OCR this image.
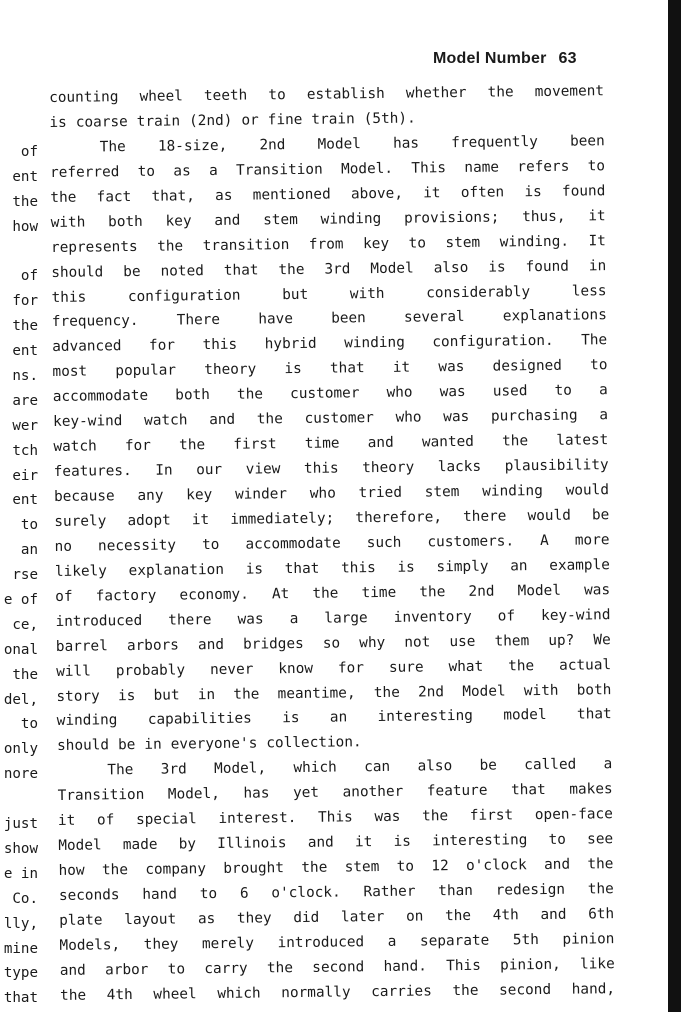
Model Number 63
of
ent
the
how

of
for
the
ent
ns.
are
wer
tch
eir
ent
to
an
rse
e of
ce,
onal
the
del,
to
only
nore

just
show
e in
Co.
lly,
mine
type
that
counting wheel teeth to establish whether the movement
is coarse train (2nd) or fine train (5th).
The 18-size, 2nd Model has frequently been
referred to as a Transition Model. This name refers to
the fact that, as mentioned above, it often is found
with both key and stem winding provisions; thus, it
represents the transition from key to stem winding. It
should be noted that the 3rd Model also is found in
this	configuration	but	with	considerably	less
frequency.	There	have	been	several	explanations
advanced for this hybrid winding configuration. The
most popular theory is that it was designed to
accommodate both the customer who was used to a
key-wind watch and the customer who was purchasing a
watch for the first time and wanted the latest
features. In our view this theory lacks plausibility
because any key winder who tried stem winding would
surely adopt it immediately; therefore, there would be
no necessity to accommodate such customers. A more
likely explanation is that this is simply an example
of factory economy. At the time the 2nd Model was
introduced there was a large inventory of key-wind
barrel arbors and bridges so why not use them up? We
will probably never know for sure what the actual
story is but in the meantime, the 2nd Model with both
winding capabilities is an interesting model that
should be in everyone's collection.
The 3rd Model, which can also be called a
Transition Model, has yet another feature that makes
it of special interest. This was the first open-face
Model made by Illinois and it is interesting to see
how the company brought the stem to 12 o'clock and the
seconds hand to 6 o'clock. Rather than redesign the
plate layout as they did later on the 4th and 6th
Models, they merely introduced a separate 5th pinion
and arbor to carry the second hand. This pinion, like
the 4th wheel which normally carries the second hand,
